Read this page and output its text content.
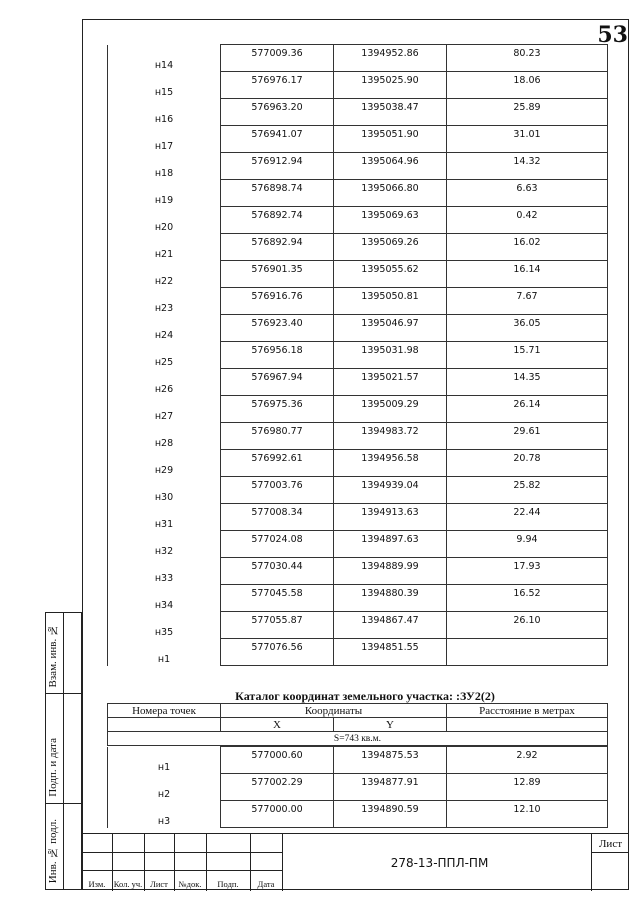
53
Взам. инв. №
Подп. и дата
Инв. № подл.
н14	577009.36	1394952.86	80.23

н15	576976.17	1395025.90	18.06

н16	576963.20	1395038.47	25.89

н17	576941.07	1395051.90	31.01

н18	576912.94	1395064.96	14.32

н19	576898.74	1395066.80	6.63

н20	576892.74	1395069.63	0.42

н21	576892.94	1395069.26	16.02

н22	576901.35	1395055.62	16.14

н23	576916.76	1395050.81	7.67

н24	576923.40	1395046.97	36.05

н25	576956.18	1395031.98	15.71

н26	576967.94	1395021.57	14.35

н27	576975.36	1395009.29	26.14

н28	576980.77	1394983.72	29.61

н29	576992.61	1394956.58	20.78

н30	577003.76	1394939.04	25.82

н31	577008.34	1394913.63	22.44

н32	577024.08	1394897.63	9.94

н33	577030.44	1394889.99	17.93

н34	577045.58	1394880.39	16.52

н35	577055.87	1394867.47	26.10

н1	577076.56	1394851.55	
Каталог координат земельного участка: :ЗУ2(2)
Номера точек	Координаты		Расстояние в метрах
	X	Y	
S=743 кв.м.			
н1	577000.60	1394875.53	2.92

н2	577002.29	1394877.91	12.89

н3	577000.00	1394890.59	12.10
Изм. Кол. уч. Лист	№док.	Подп.	Дата
278-13-ППЛ-ПМ
Лист
